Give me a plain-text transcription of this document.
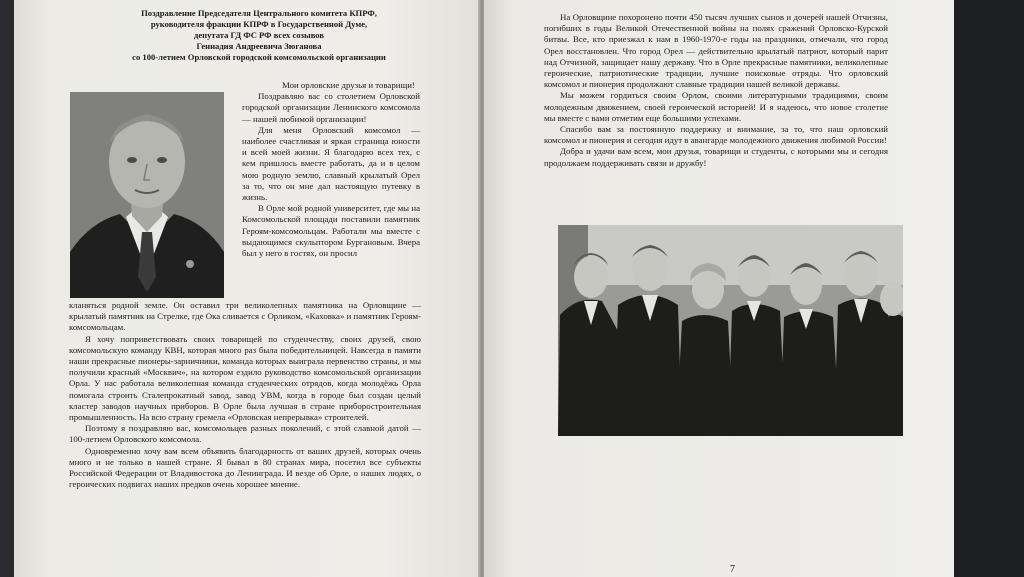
Поздравление Председателя Центрального комитета КПРФ,
руководителя фракции КПРФ в Государственной Думе,
депутата ГД ФС РФ всех созывов
Геннадия Андреевича Зюганова
со 100-летием Орловской городской комсомольской организации

Мои орловские друзья и товарищи!

Поздравляю вас со столетием Орловской городской организации Ленинского комсомола — нашей любимой организации!

Для меня Орловский комсомол — наиболее счастливая и яркая страница юности и всей моей жизни. Я благодарю всех тех, с кем пришлось вместе работать, да и в целом мою родную землю, славный крылатый Орел за то, что он мне дал настоящую путевку в жизнь.

В Орле мой родной университет, где мы на Комсомольской площади поставили памятник Героям-комсомольцам. Работали мы вместе с выдающимся скульптором Бургановым. Вчера был у него в гостях, он просил

кланяться родной земле. Он оставил три великолепных памятника на Орловщине — крылатый памятник на Стрелке, где Ока сливается с Орликом, «Каховка» и памятник Героям-комсомольцам.

Я хочу поприветствовать своих товарищей по студенчеству, своих друзей, свою комсомольскую команду КВН, которая много раз была победительницей. Навсегда в памяти наши прекрасные пионеры-зарничники, команда которых выиграла первенство страны, и мы получили красный «Москвич», на котором ездило руководство комсомольской организации Орла. У нас работала великолепная команда студенческих отрядов, когда молодёжь Орла помогала строить Сталепрокатный завод, завод УВМ, когда в городе был создан целый кластер заводов научных приборов. В Орле была лучшая в стране приборостроительная промышленность. На всю страну гремела «Орловская непрерывка» строителей.

Поэтому я поздравляю вас, комсомольцев разных поколений, с этой славной датой — 100-летием Орловского комсомола.

Одновременно хочу вам всем объявить благодарность от ваших друзей, которых очень много и не только в нашей стране. Я бывал в 80 странах мира, посетил все субъекты Российской Федерации от Владивостока до Ленинграда. И везде об Орле, о наших людях, о героических подвигах наших предков очень хорошее мнение.

На Орловщине похоронено почти 450 тысяч лучших сынов и дочерей нашей Отчизны, погибших в годы Великой Отечественной войны на полях сражений Орловско-Курской битвы. Все, кто приезжал к нам в 1960-1970-е годы на праздники, отмечали, что город Орел восстановлен. Что город Орел — действительно крылатый патриот, который парит над Отчизной, защищает нашу державу. Что в Орле прекрасные памятники, великолепные героические, патриотические традиции, лучшие поисковые отряды. Что орловский комсомол и пионерия продолжают славные традиции нашей великой державы.

Мы можем гордиться своим Орлом, своими литературными традициями, своим молодежным движением, своей героической историей! И я надеюсь, что новое столетие мы вместе с вами отметим еще большими успехами.

Спасибо вам за постоянную поддержку и внимание, за то, что наш орловский комсомол и пионерия и сегодня идут в авангарде молодежного движения любимой России!

Добра и удачи вам всем, мои друзья, товарищи и студенты, с которыми мы и сегодня продолжаем поддерживать связи и дружбу!

7
